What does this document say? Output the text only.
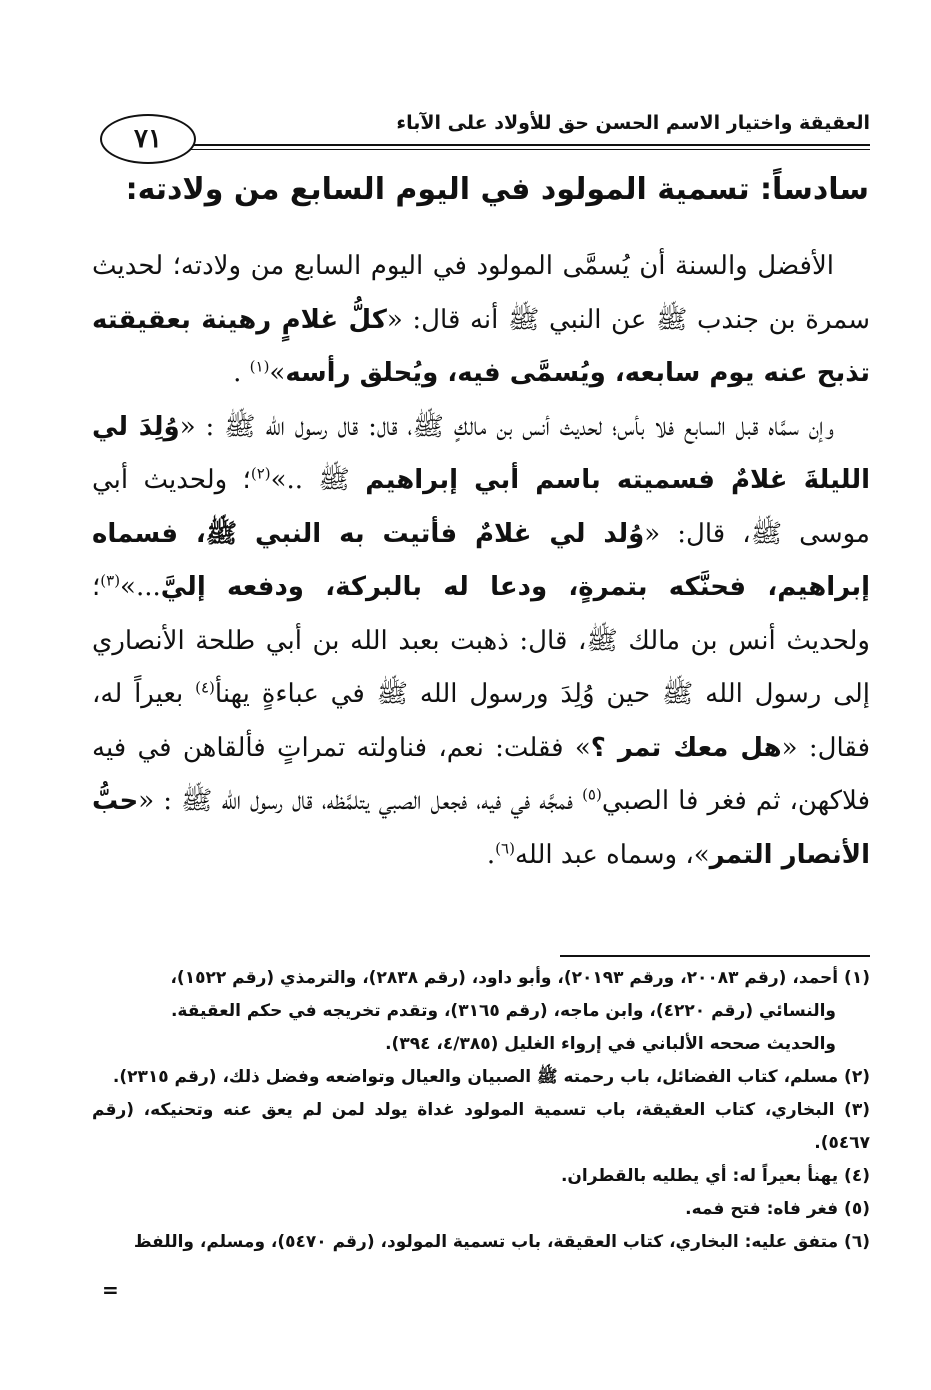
٧١
العقيقة واختيار الاسم الحسن حق للأولاد على الآباء
سادساً: تسمية المولود في اليوم السابع من ولادته:

الأفضل والسنة أن يُسمَّى المولود في اليوم السابع من ولادته؛ لحديث سمرة بن جندب ﷺ عن النبي ﷺ أنه قال: «كلُّ غلامٍ رهينة بعقيقته تذبح عنه يوم سابعه، ويُسمَّى فيه، ويُحلق رأسه»$^{(١)}$ .

وإن سمَّاه قبل السابع فلا بأس؛ لحديث أنس بن مالكٍ ﷺ، قال: قال رسول الله ﷺ : «وُلِدَ لي الليلةَ غلامٌ فسميته باسم أبي إبراهيم ﷺ ..»$^{(٢)}$؛ ولحديث أبي موسى ﷺ، قال: «وُلد لي غلامٌ فأتيت به النبي ﷺ، فسماه إبراهيم، فحنَّكه بتمرةٍ، ودعا له بالبركة، ودفعه إليَّ...»$^{(٣)}$؛ ولحديث أنس بن مالك ﷺ، قال: ذهبت بعبد الله بن أبي طلحة الأنصاري إلى رسول الله ﷺ حين وُلِدَ ورسول الله ﷺ في عباءةٍ يهنأ$^{(٤)}$ بعيراً له، فقال: «هل معك تمر ؟» فقلت: نعم، فناولته تمراتٍ فألقاهن في فيه فلاكهن، ثم فغر فا الصبي$^{(٥)}$ فمجَّه في فيه، فجعل الصبي يتلمَّظه، قال رسول الله ﷺ : «حبُّ الأنصار التمر»، وسماه عبد الله$^{(٦)}$.

(١) أحمد، (رقم ٢٠٠٨٣، ورقم ٢٠١٩٣)، وأبو داود، (رقم ٢٨٣٨)، والترمذي (رقم ١٥٢٢)،

والنسائي (رقم ٤٢٢٠)، وابن ماجه، (رقم ٣١٦٥)، وتقدم تخريجه في حكم العقيقة.

والحديث صححه الألباني في إرواء الغليل (٤/٣٨٥، ٣٩٤).

(٢) مسلم، كتاب الفضائل، باب رحمته ﷺ الصبيان والعيال وتواضعه وفضل ذلك، (رقم ٢٣١٥).

(٣) البخاري، كتاب العقيقة، باب تسمية المولود غداة يولد لمن لم يعق عنه وتحنيكه، (رقم ٥٤٦٧).

(٤) يهنأ بعيراً له: أي يطليه بالقطران.

(٥) فغر فاه: فتح فمه.

(٦) متفق عليه: البخاري، كتاب العقيقة، باب تسمية المولود، (رقم ٥٤٧٠)، ومسلم، واللفظ

=
